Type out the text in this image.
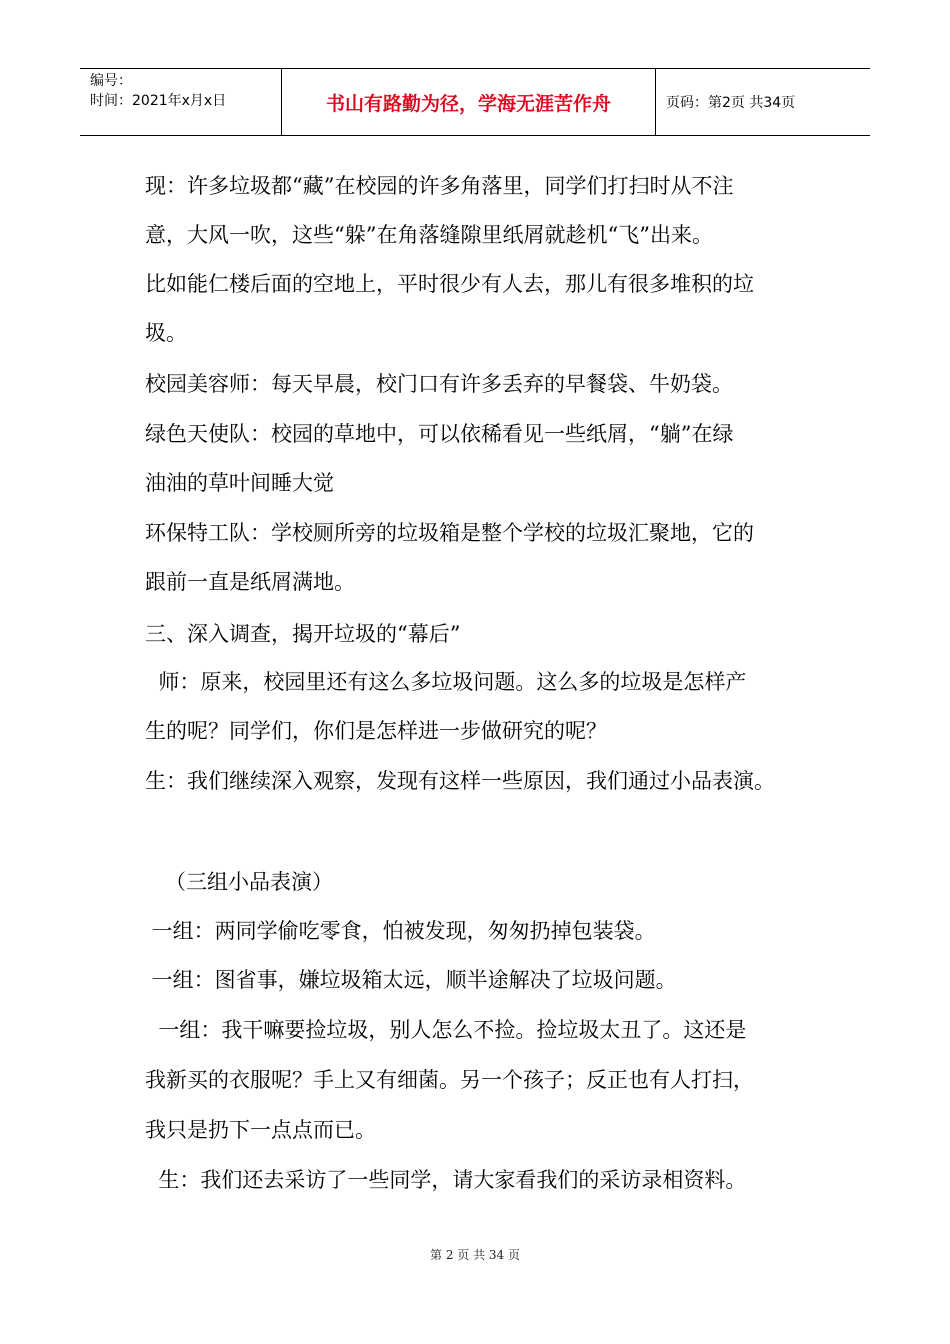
编号：
时间：2021年x月x日	书山有路勤为径，学海无涯苦作舟	页码：第2页 共34页
现：许多垃圾都“藏”在校园的许多角落里，同学们打扫时从不注
意，大风一吹，这些“躲”在角落缝隙里纸屑就趁机“飞”出来。
比如能仁楼后面的空地上，平时很少有人去，那儿有很多堆积的垃
圾。
校园美容师：每天早晨，校门口有许多丢弃的早餐袋、牛奶袋。
绿色天使队：校园的草地中，可以依稀看见一些纸屑，“躺”在绿
油油的草叶间睡大觉
环保特工队：学校厕所旁的垃圾箱是整个学校的垃圾汇聚地，它的
跟前一直是纸屑满地。
三、深入调查，揭开垃圾的“幕后”
师：原来，校园里还有这么多垃圾问题。这么多的垃圾是怎样产
生的呢？同学们，你们是怎样进一步做研究的呢？
生：我们继续深入观察，发现有这样一些原因，我们通过小品表演。
（三组小品表演）
一组：两同学偷吃零食，怕被发现，匆匆扔掉包装袋。
一组：图省事，嫌垃圾箱太远，顺半途解决了垃圾问题。
一组：我干嘛要捡垃圾，别人怎么不捡。捡垃圾太丑了。这还是
我新买的衣服呢？手上又有细菌。另一个孩子；反正也有人打扫，
我只是扔下一点点而已。
生：我们还去采访了一些同学，请大家看我们的采访录相资料。
第 2 页 共 34 页
